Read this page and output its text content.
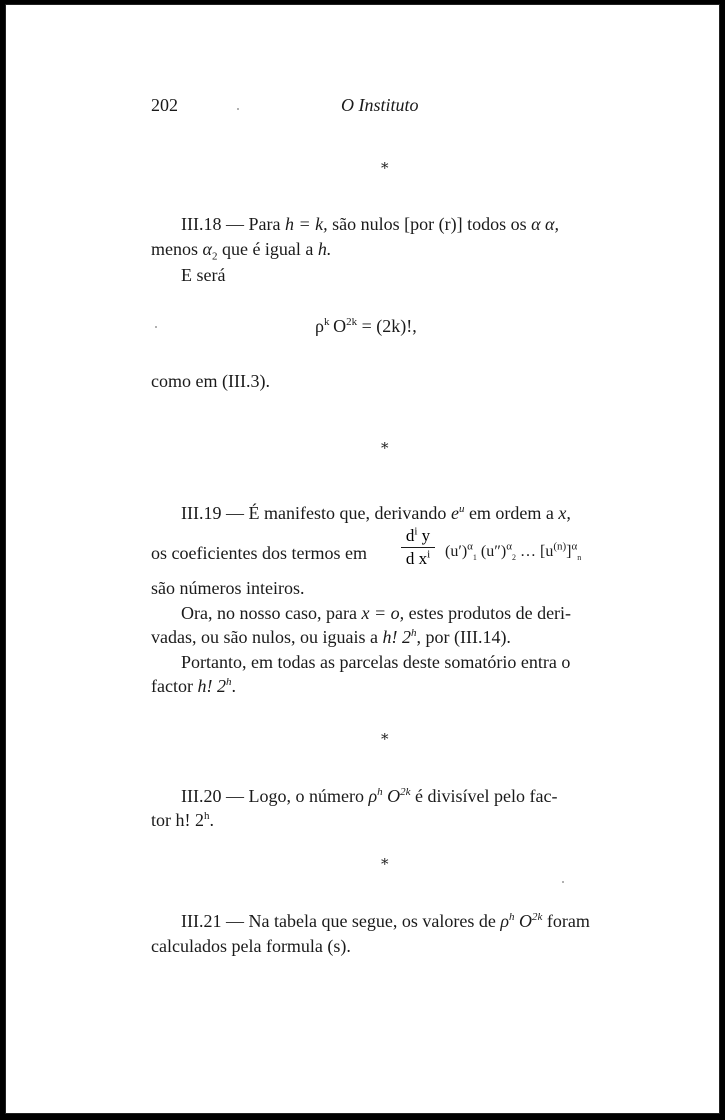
202	O Instituto
*
III.18 — Para h = k, são nulos [por (r)] todos os α α,
menos $\alpha_2$ que é igual a h.
E será
$\rho^k$  $O^{2k} = (2k)$!,
como em (III.3).
*
III.19 — É manifesto que, derivando $e^u$ em ordem a x,
os coeficientes dos termos em
$d^i$ y
d $x^i$ $(u')^\alpha_1$ $(u'')^\alpha_2$ … $[u^{(n)}]^\alpha_n$
são números inteiros.
Ora, no nosso caso, para x = o, estes produtos de deri-
vadas, ou são nulos, ou iguais a h! 2$^h$, por (III.14).
Portanto, em todas as parcelas deste somatório entra o
factor h! 2$^h$.
*
III.20 — Logo, o número $\rho^h$ $O^{2k}$ é divisível pelo fac-
tor h! 2$^h$.
*
III.21 — Na tabela que segue, os valores de $\rho^h$ $O^{2k}$ foram
calculados pela formula (s).
